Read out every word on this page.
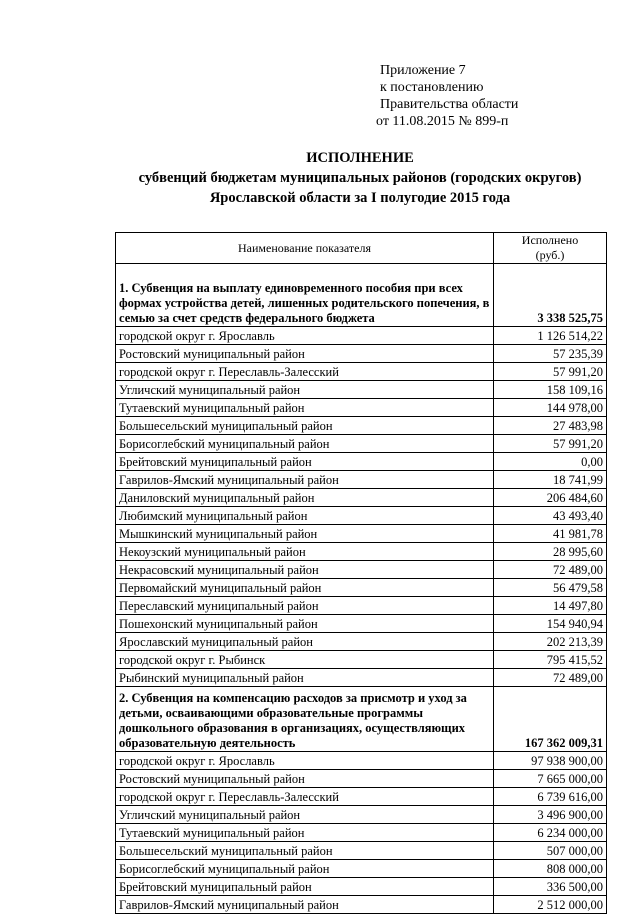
Приложение 7
к постановлению
Правительства области
от 11.08.2015 № 899-п
ИСПОЛНЕНИЕ
субвенций бюджетам муниципальных районов (городских округов)
Ярославской области за I полугодие 2015 года
Наименование показателя	Исполнено
(руб.)

1. Субвенция на выплату единовременного пособия при всех формах устройства детей, лишенных родительского попечения, в семью за счет средств федерального бюджета	3 338 525,75
городской округ г. Ярославль	1 126 514,22
Ростовский муниципальный район	57 235,39
городской округ г. Переславль-Залесский	57 991,20
Угличский муниципальный район	158 109,16
Тутаевский муниципальный район	144 978,00
Большесельский муниципальный район	27 483,98
Борисоглебский муниципальный район	57 991,20
Брейтовский муниципальный район	0,00
Гаврилов-Ямский муниципальный район	18 741,99
Даниловский муниципальный район	206 484,60
Любимский муниципальный район	43 493,40
Мышкинский муниципальный район	41 981,78
Некоузский муниципальный район	28 995,60
Некрасовский муниципальный район	72 489,00
Первомайский муниципальный район	56 479,58
Переславский муниципальный район	14 497,80
Пошехонский муниципальный район	154 940,94
Ярославский муниципальный район	202 213,39
городской округ г. Рыбинск	795 415,52
Рыбинский муниципальный район	72 489,00
2. Субвенция на компенсацию расходов за присмотр и уход за детьми, осваивающими образовательные программы дошкольного образования в организациях, осуществляющих образовательную деятельность	167 362 009,31
городской округ г. Ярославль	97 938 900,00
Ростовский муниципальный район	7 665 000,00
городской округ г. Переславль-Залесский	6 739 616,00
Угличский муниципальный район	3 496 900,00
Тутаевский муниципальный район	6 234 000,00
Большесельский муниципальный район	507 000,00
Борисоглебский муниципальный район	808 000,00
Брейтовский муниципальный район	336 500,00
Гаврилов-Ямский муниципальный район	2 512 000,00
